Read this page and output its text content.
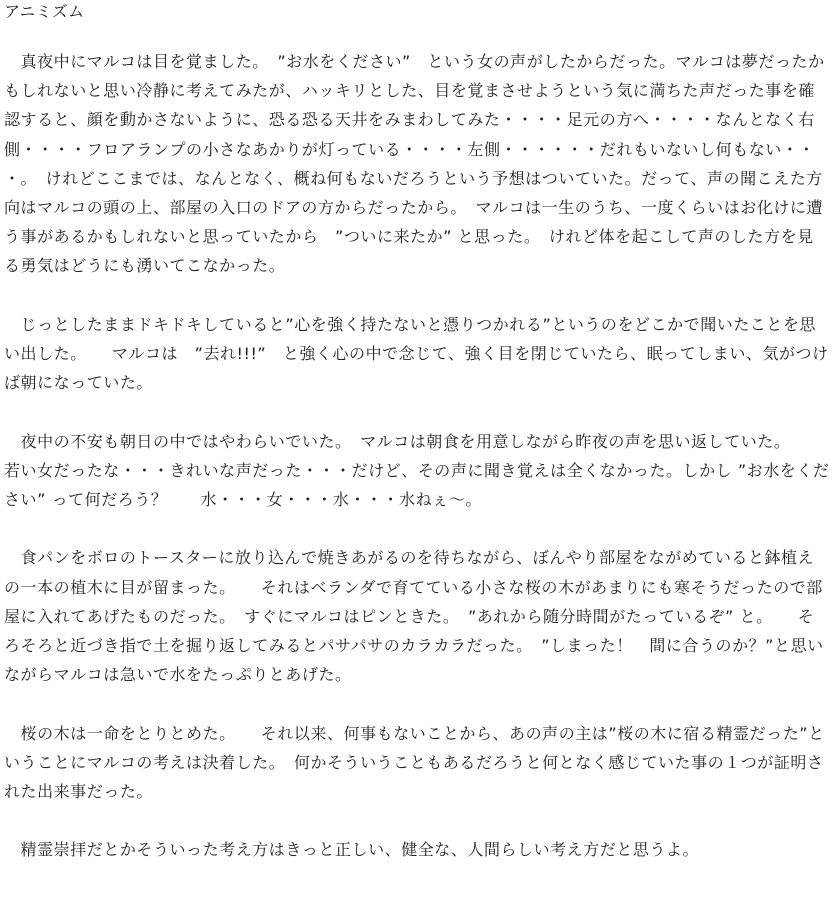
アニミズム

　真夜中にマルコは目を覚ました。　”お水をください”　という女の声がしたからだった。マルコは夢だったかもしれないと思い冷静に考えてみたが、ハッキリとした、目を覚まさせようという気に満ちた声だった事を確認すると、顔を動かさないように、恐る恐る天井をみまわしてみた・・・・足元の方へ・・・・なんとなく右側・・・・フロアランプの小さなあかりが灯っている・・・・左側・・・・・・だれもいないし何もない・・・。　けれどここまでは、なんとなく、概ね何もないだろうという予想はついていた。だって、声の聞こえた方向はマルコの頭の上、部屋の入口のドアの方からだったから。　マルコは一生のうち、一度くらいはお化けに遭う事があるかもしれないと思っていたから　”ついに来たか” と思った。　けれど体を起こして声のした方を見る勇気はどうにも湧いてこなかった。

　じっとしたままドキドキしていると”心を強く持たないと憑りつかれる”というのをどこかで聞いたことを思い出した。　　マルコは　”去れ!!!”　と強く心の中で念じて、強く目を閉じていたら、眠ってしまい、気がつけば朝になっていた。

　夜中の不安も朝日の中ではやわらいでいた。　マルコは朝食を用意しながら昨夜の声を思い返していた。　　若い女だったな・・・きれいな声だった・・・だけど、その声に聞き覚えは全くなかった。しかし ”お水をください” って何だろう？　　水・・・女・・・水・・・水ねぇ～。

　食パンをボロのトースターに放り込んで焼きあがるのを待ちながら、ぼんやり部屋をながめていると鉢植えの一本の植木に目が留まった。　　それはベランダで育てている小さな桜の木があまりにも寒そうだったので部屋に入れてあげたものだった。　すぐにマルコはピンときた。　”あれから随分時間がたっているぞ” と。　　そろそろと近づき指で土を掘り返してみるとパサパサのカラカラだった。　”しまった！　間に合うのか？”と思いながらマルコは急いで水をたっぷりとあげた。

　桜の木は一命をとりとめた。　　それ以来、何事もないことから、あの声の主は”桜の木に宿る精霊だった”ということにマルコの考えは決着した。　何かそういうこともあるだろうと何となく感じていた事の１つが証明された出来事だった。

　精霊崇拝だとかそういった考え方はきっと正しい、健全な、人間らしい考え方だと思うよ。
